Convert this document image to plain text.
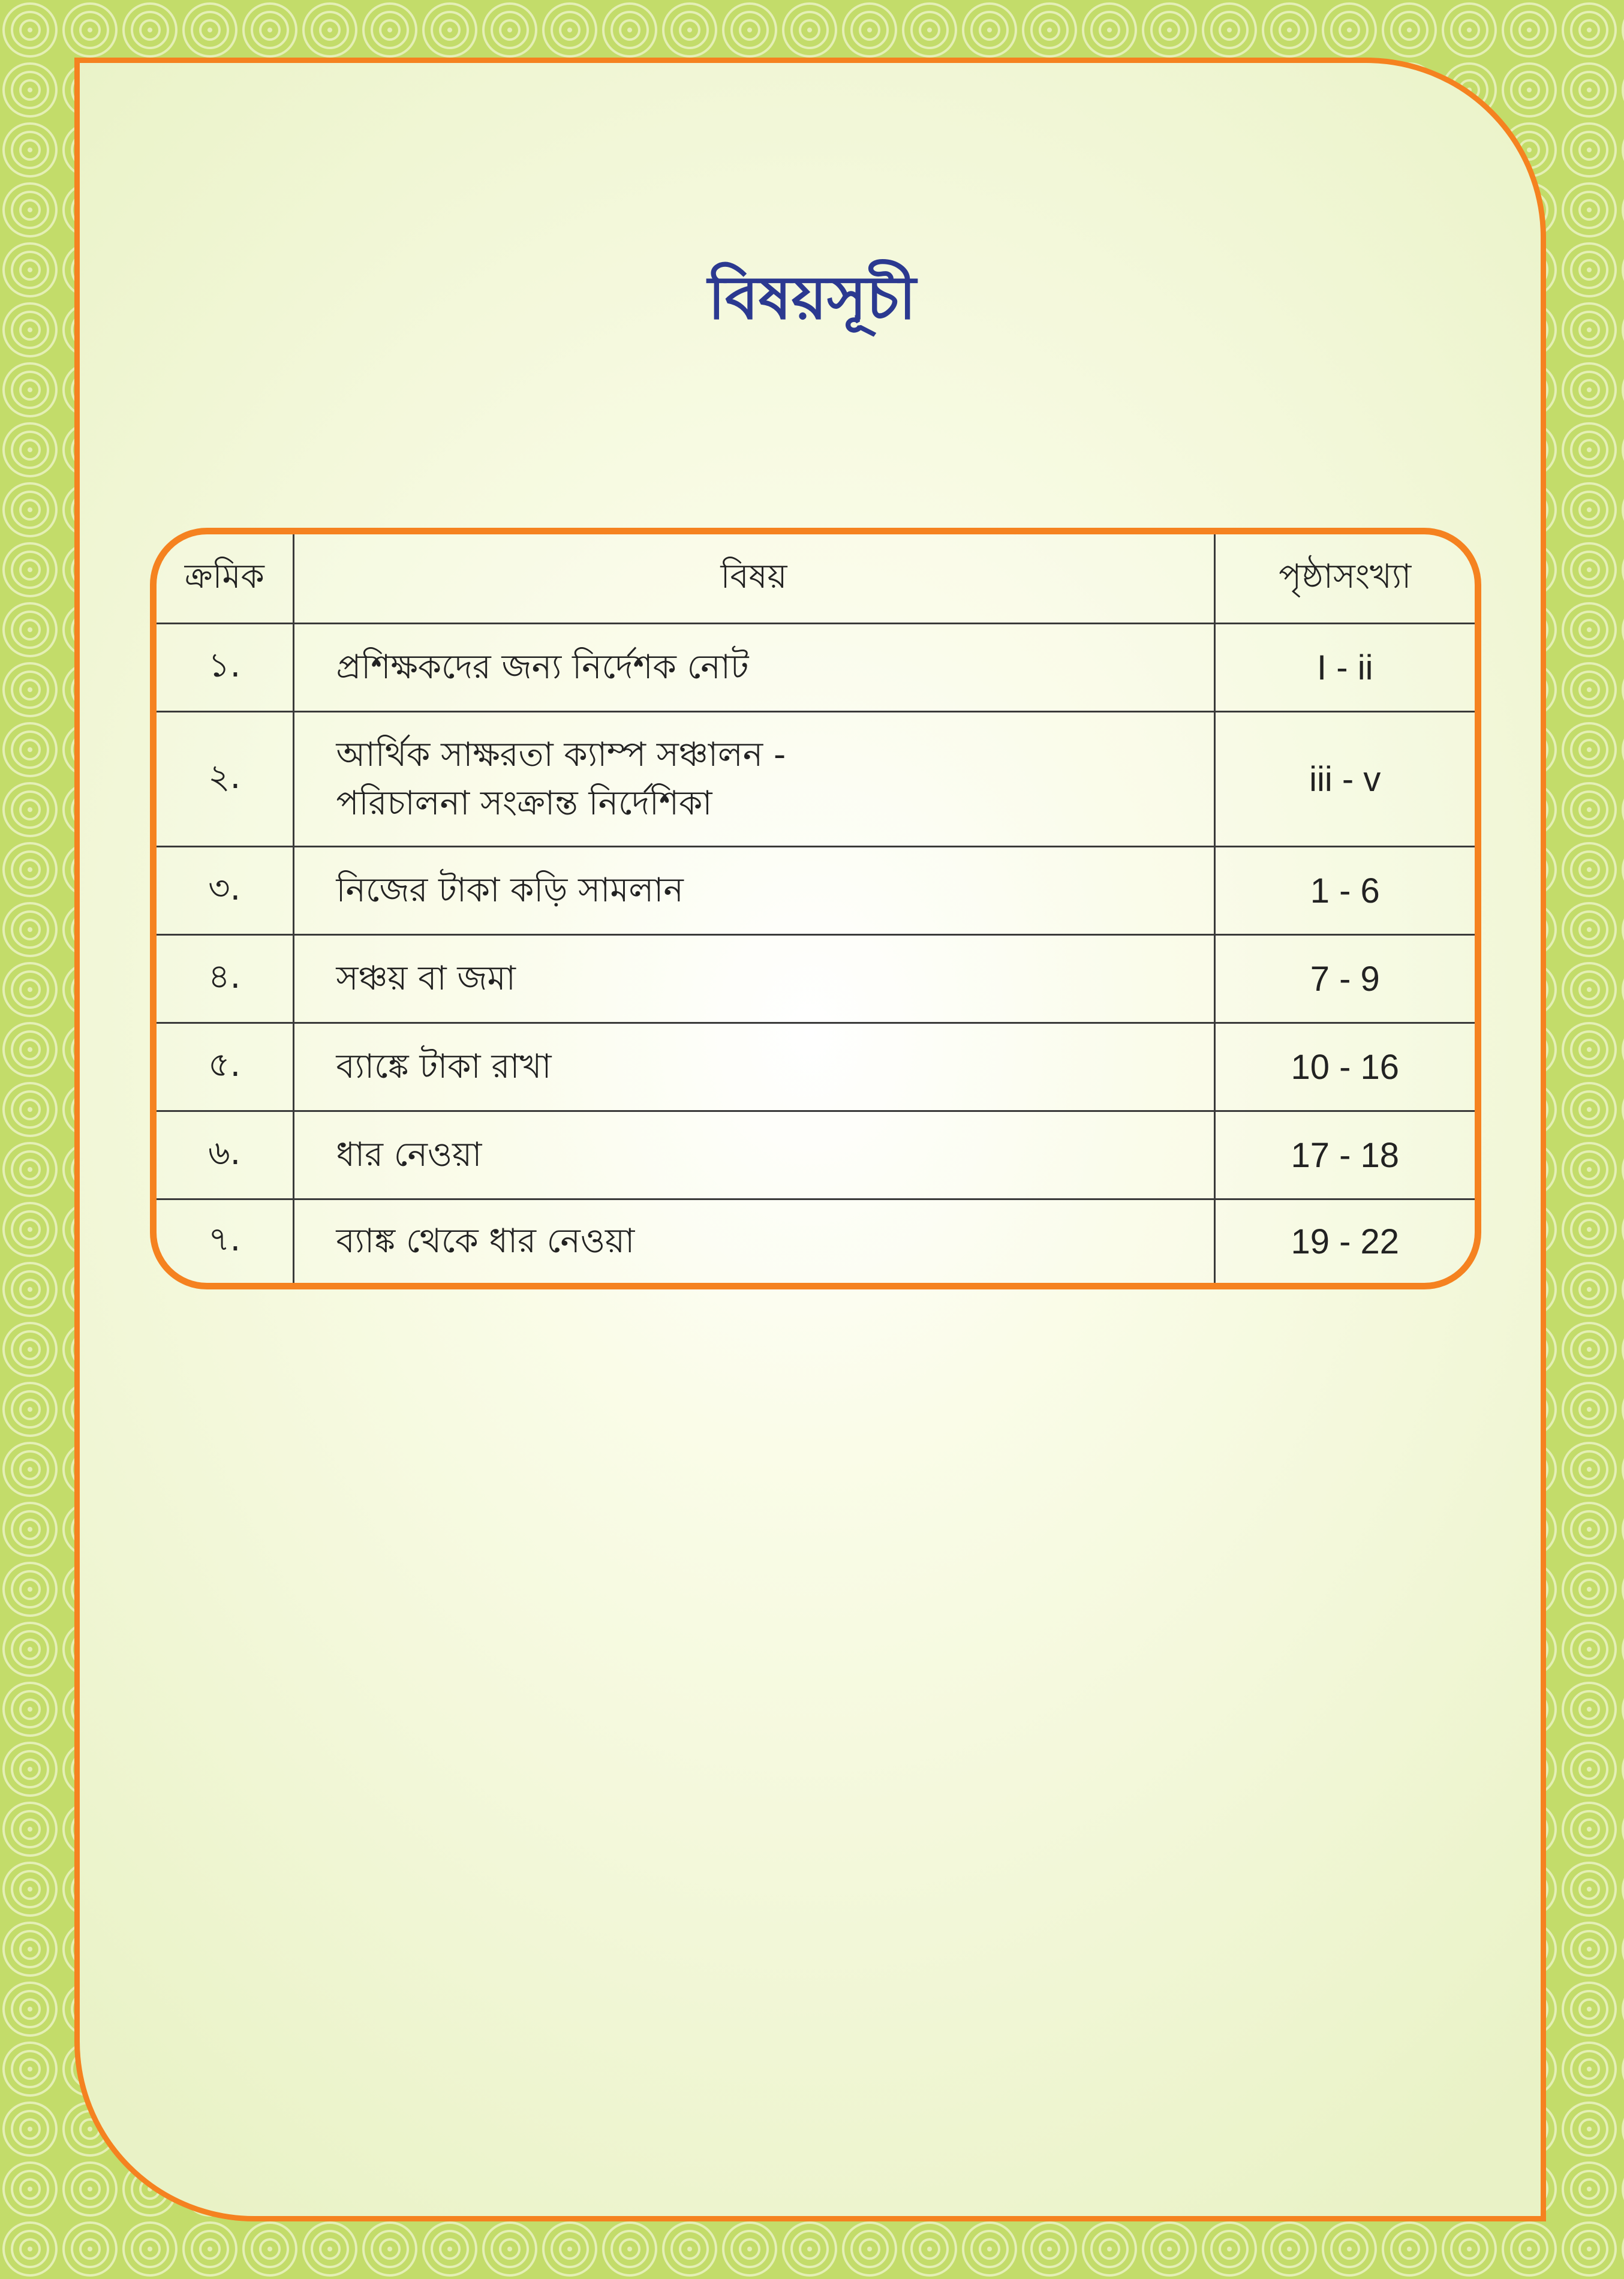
বিষয়সূচী
ক্রমিক	বিষয়	পৃষ্ঠাসংখ্যা
১.	প্রশিক্ষকদের জন্য নির্দেশক নোট	I - ii
২.	আর্থিক সাক্ষরতা ক্যাম্প সঞ্চালন -
পরিচালনা সংক্রান্ত নির্দেশিকা	iii - v
৩.	নিজের টাকা কড়ি সামলান	1 - 6
৪.	সঞ্চয় বা জমা	7 - 9
৫.	ব্যাঙ্কে টাকা রাখা	10 - 16
৬.	ধার নেওয়া	17 - 18
৭.	ব্যাঙ্ক থেকে ধার নেওয়া	19 - 22
